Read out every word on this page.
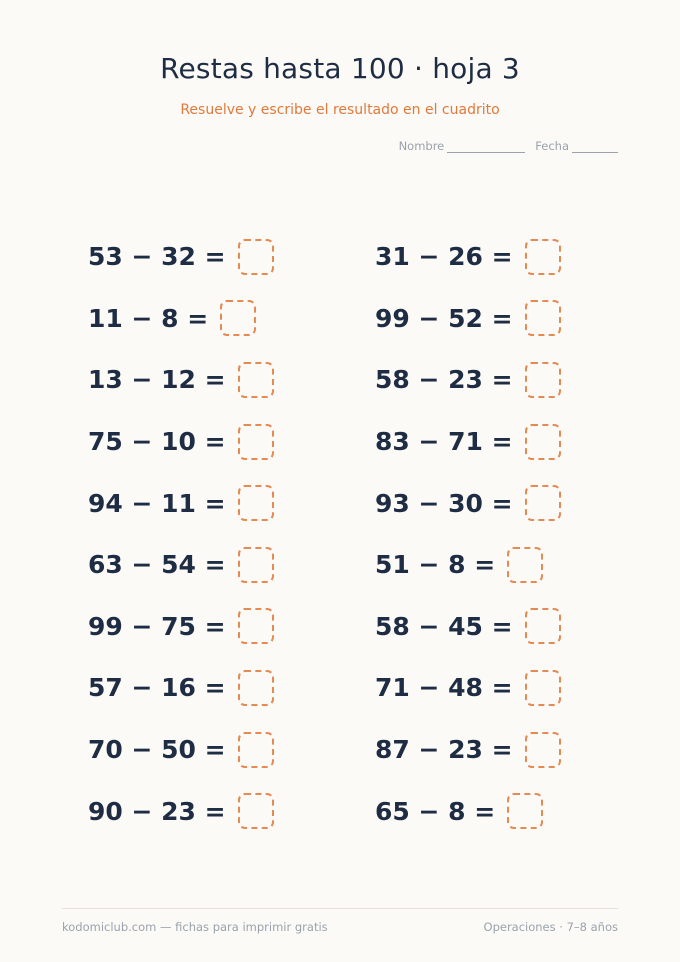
Restas hasta 100 · hoja 3
Resuelve y escribe el resultado en el cuadrito
Nombre	Fecha
53 − 32 =
11 − 8 =
13 − 12 =
75 − 10 =
94 − 11 =
63 − 54 =
99 − 75 =
57 − 16 =
70 − 50 =
90 − 23 =
31 − 26 =
99 − 52 =
58 − 23 =
83 − 71 =
93 − 30 =
51 − 8 =
58 − 45 =
71 − 48 =
87 − 23 =
65 − 8 =
kodomiclub.com — fichas para imprimir gratis	Operaciones · 7–8 años
